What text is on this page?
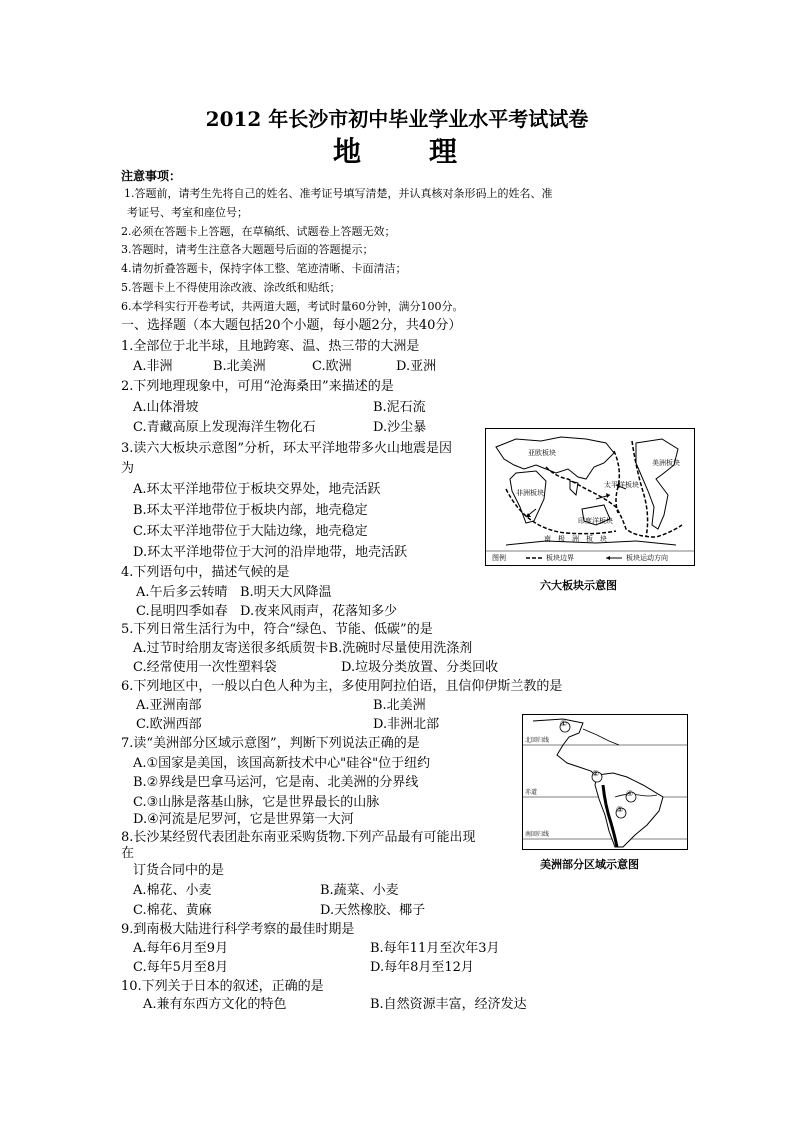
2012 年长沙市初中毕业学业水平考试试卷
地　　理
注意事项：
1.答题前，请考生先将自己的姓名、准考证号填写清楚，并认真核对条形码上的姓名、准
考证号、考室和座位号；
2.必须在答题卡上答题，在草稿纸、试题卷上答题无效；
3.答题时，请考生注意各大题题号后面的答题提示；
4.请勿折叠答题卡，保持字体工整、笔迹清晰、卡面清洁；
5.答题卡上不得使用涂改液、涂改纸和贴纸；
6.本学科实行开卷考试，共两道大题，考试时量60分钟，满分100分。
一、选择题（本大题包括20个小题，每小题2分，共40分）
1.全部位于北半球，且地跨寒、温、热三带的大洲是
A.非洲	B.北美洲	C.欧洲	D.亚洲
2.下列地理现象中，可用“沧海桑田”来描述的是
A.山体滑坡	B.泥石流
C.青藏高原上发现海洋生物化石	D.沙尘暴
3.读六大板块示意图”分析，环太平洋地带多火山地震是因
为
A.环太平洋地带位于板块交界处，地壳活跃
B.环太平洋地带位于板块内部，地壳稳定
C.环太平洋地带位于大陆边缘，地壳稳定
D.环太平洋地带位于大河的沿岸地带，地壳活跃
4.下列语句中，描述气候的是
A.午后多云转晴 B.明天大风降温
C.昆明四季如春 D.夜来风雨声，花落知多少
5.下列日常生活行为中，符合“绿色、节能、低碳”的是
A.过节时给朋友寄送很多纸质贺卡B.洗碗时尽量使用洗涤剂
C.经常使用一次性塑料袋	D.垃圾分类放置、分类回收
6.下列地区中，一般以白色人种为主，多使用阿拉伯语，且信仰伊斯兰教的是
A.亚洲南部	B.北美洲
C.欧洲西部	D.非洲北部
7.读“美洲部分区域示意图”，判断下列说法正确的是
A.①国家是美国，该国高新技术中心"硅谷"位于纽约
B.②界线是巴拿马运河，它是南、北美洲的分界线
C.③山脉是落基山脉，它是世界最长的山脉
D.④河流是尼罗河，它是世界第一大河
8.长沙某经贸代表团赴东南亚采购货物.下列产品最有可能出现
在
订货合同中的是
A.棉花、小麦	B.蔬菜、小麦
C.棉花、黄麻	D.天然橡胶、椰子
9.到南极大陆进行科学考察的最佳时期是
A.每年6月至9月	B.每年11月至次年3月
C.每年5月至8月	D.每年8月至12月
10.下列关于日本的叙述，正确的是
A.兼有东西方文化的特色	B.自然资源丰富，经济发达
亚欧板块
非洲板块
太平洋板块
美洲板块
印度洋板块
南　极　洲　板　块
图例	板块边界	板块运动方向
六大板块示意图
①
②
③
④
北回归线
赤道
南回归线
美洲部分区域示意图
